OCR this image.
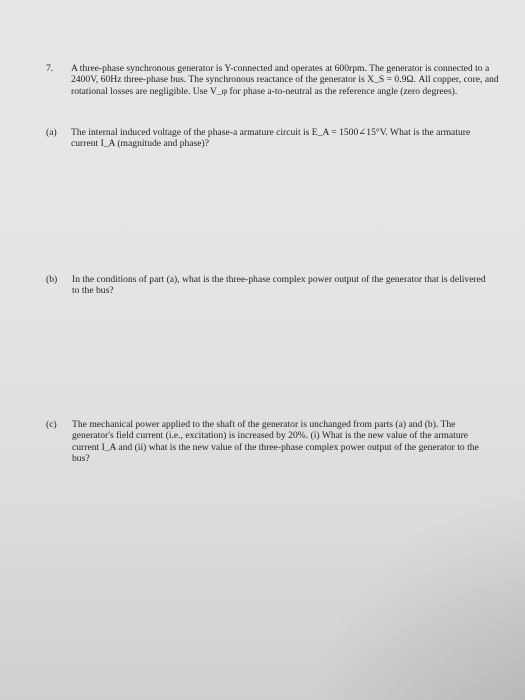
7. A three-phase synchronous generator is Y-connected and operates at 600rpm. The generator is connected to a 2400V, 60Hz three-phase bus. The synchronous reactance of the generator is X_S = 0.9Ω. All copper, core, and rotational losses are negligible. Use V_φ for phase a-to-neutral as the reference angle (zero degrees).

(a) The internal induced voltage of the phase-a armature circuit is E_A = 1500∠15°V. What is the armature current I_A (magnitude and phase)?
(b) In the conditions of part (a), what is the three-phase complex power output of the generator that is delivered to the bus?
(c) The mechanical power applied to the shaft of the generator is unchanged from parts (a) and (b). The generator's field current (i.e., excitation) is increased by 20%. (i) What is the new value of the armature current I_A and (ii) what is the new value of the three-phase complex power output of the generator to the bus?
